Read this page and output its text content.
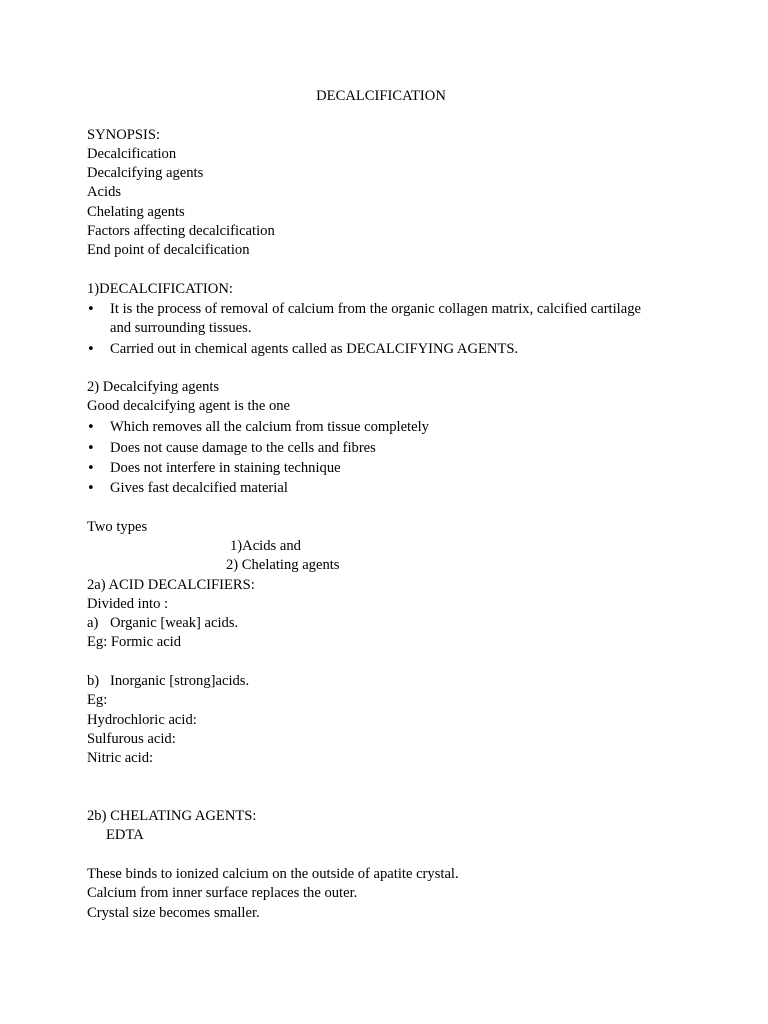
DECALCIFICATION
SYNOPSIS:
Decalcification
Decalcifying agents
Acids
Chelating agents
Factors affecting decalcification
End point of decalcification
1)DECALCIFICATION:
•	It is the process of removal of calcium from the organic collagen matrix, calcified cartilage
and surrounding tissues.
•	Carried out in chemical agents called as DECALCIFYING AGENTS.
2) Decalcifying agents
Good decalcifying agent is the one
•	Which removes all the calcium from tissue completely
•	Does not cause damage to the cells and fibres
•	Does not interfere in staining technique
•	Gives fast decalcified material
Two types
1)Acids and
2) Chelating agents
2a) ACID DECALCIFIERS:
Divided into :
a) Organic [weak] acids.
Eg: Formic acid
b) Inorganic [strong]acids.
Eg:
Hydrochloric acid:
Sulfurous acid:
Nitric acid:
2b) CHELATING AGENTS:
EDTA
These binds to ionized calcium on the outside of apatite crystal.
Calcium from inner surface replaces the outer.
Crystal size becomes smaller.
